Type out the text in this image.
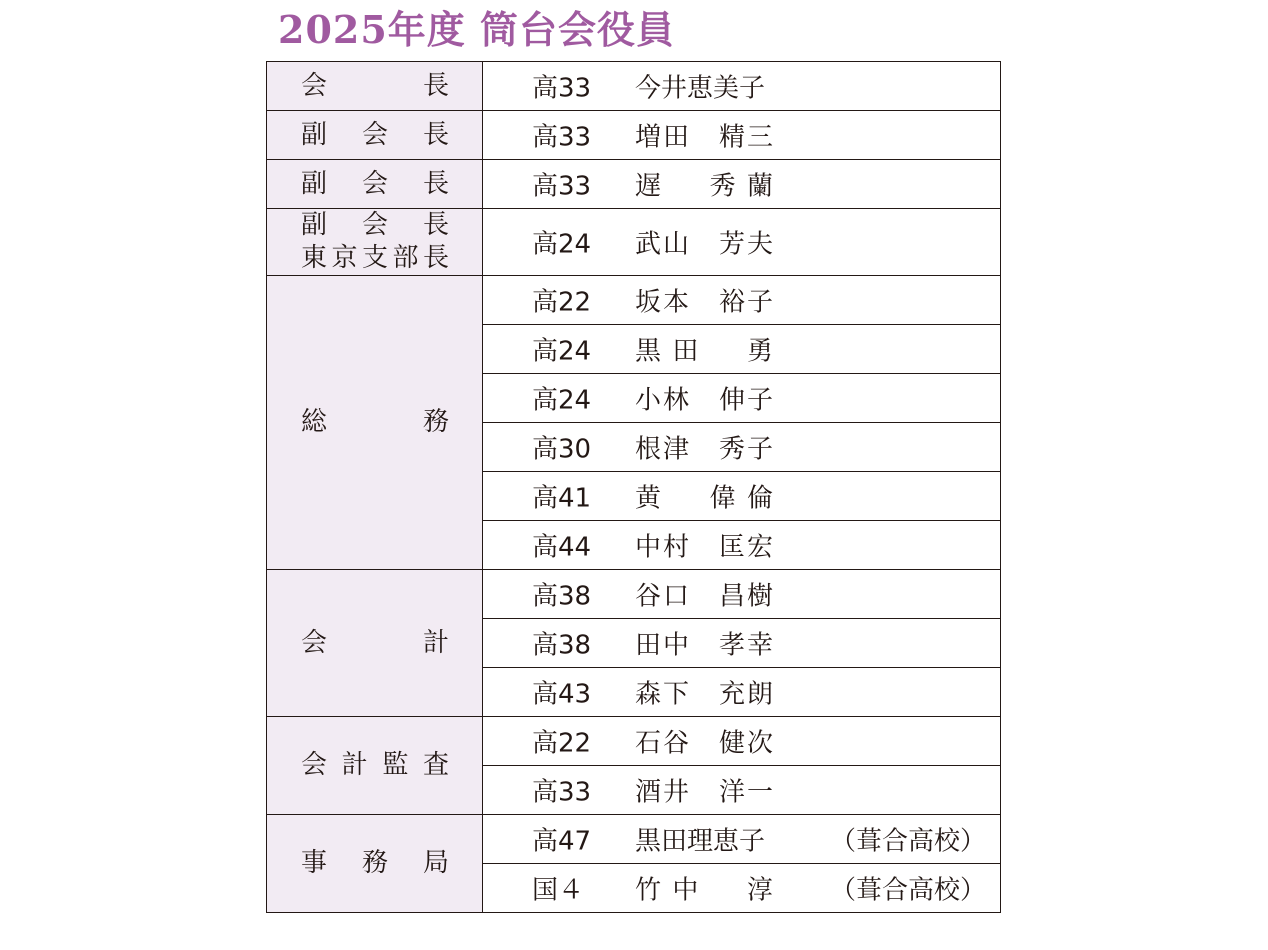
2025年度 筒台会役員
会長	高33 今井恵美子

副会長	高33 増田　精三

副会長	高33 遅　秀蘭

副会長
東京支部長	高24 武山　芳夫

総務	高22 坂本　裕子

	高24 黒田　勇

	高24 小林　伸子

	高30 根津　秀子

	高41 黄　偉倫

	高44 中村　匡宏

会計	高38 谷口　昌樹

	高38 田中　孝幸

	高43 森下　充朗

会計監査	高22 石谷　健次

	高33 酒井　洋一

事務局	高47 黒田理恵子 （葺合高校）

	国４ 竹中　淳 （葺合高校）
